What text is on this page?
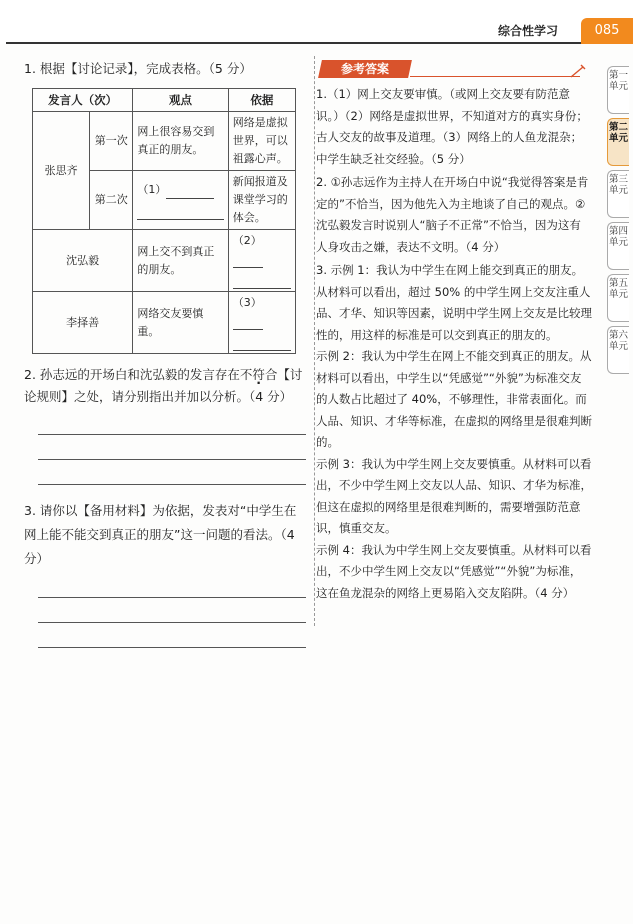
综合性学习	085
第一单元
第二单元
第三单元
第四单元
第五单元
第六单元

1. 根据【讨论记录】，完成表格。（5 分）

发言人（次）		观点	依据
张思齐	第一次	网上很容易交到真正的朋友。	网络是虚拟世界，可以祖露心声。
	第二次	（1）	新闻报道及课堂学习的体会。
沈弘毅		网上交不到真正的朋友。	（2）

李择善		网络交友要慎重。	（3）

2. 孙志远的开场白和沈弘毅的发言存在不符合【讨论规则】之处，请分别指出并加以分析。（4 分）

3. 请你以【备用材料】为依据，发表对“中学生在网上能不能交到真正的朋友”这一问题的看法。（4 分）

参考答案

1.（1）网上交友要审慎。（或网上交友要有防范意识。）（2）网络是虚拟世界，不知道对方的真实身份；古人交友的故事及道理。（3）网络上的人鱼龙混杂；中学生缺乏社交经验。（5 分）

2. ①孙志远作为主持人在开场白中说“我觉得答案是肯定的”不恰当，因为他先入为主地谈了自己的观点。②沈弘毅发言时说别人“脑子不正常”不恰当，因为这有人身攻击之嫌，表达不文明。（4 分）

3. 示例 1：我认为中学生在网上能交到真正的朋友。从材料可以看出，超过 50% 的中学生网上交友注重人品、才华、知识等因素，说明中学生网上交友是比较理性的，用这样的标准是可以交到真正的朋友的。

示例 2：我认为中学生在网上不能交到真正的朋友。从材料可以看出，中学生以“凭感觉”“外貌”为标准交友的人数占比超过了 40%，不够理性，非常表面化。而人品、知识、才华等标准，在虚拟的网络里是很难判断的。

示例 3：我认为中学生网上交友要慎重。从材料可以看出，不少中学生网上交友以人品、知识、才华为标准，但这在虚拟的网络里是很难判断的，需要增强防范意识，慎重交友。

示例 4：我认为中学生网上交友要慎重。从材料可以看出，不少中学生网上交友以“凭感觉”“外貌”为标准，这在鱼龙混杂的网络上更易陷入交友陷阱。（4 分）
